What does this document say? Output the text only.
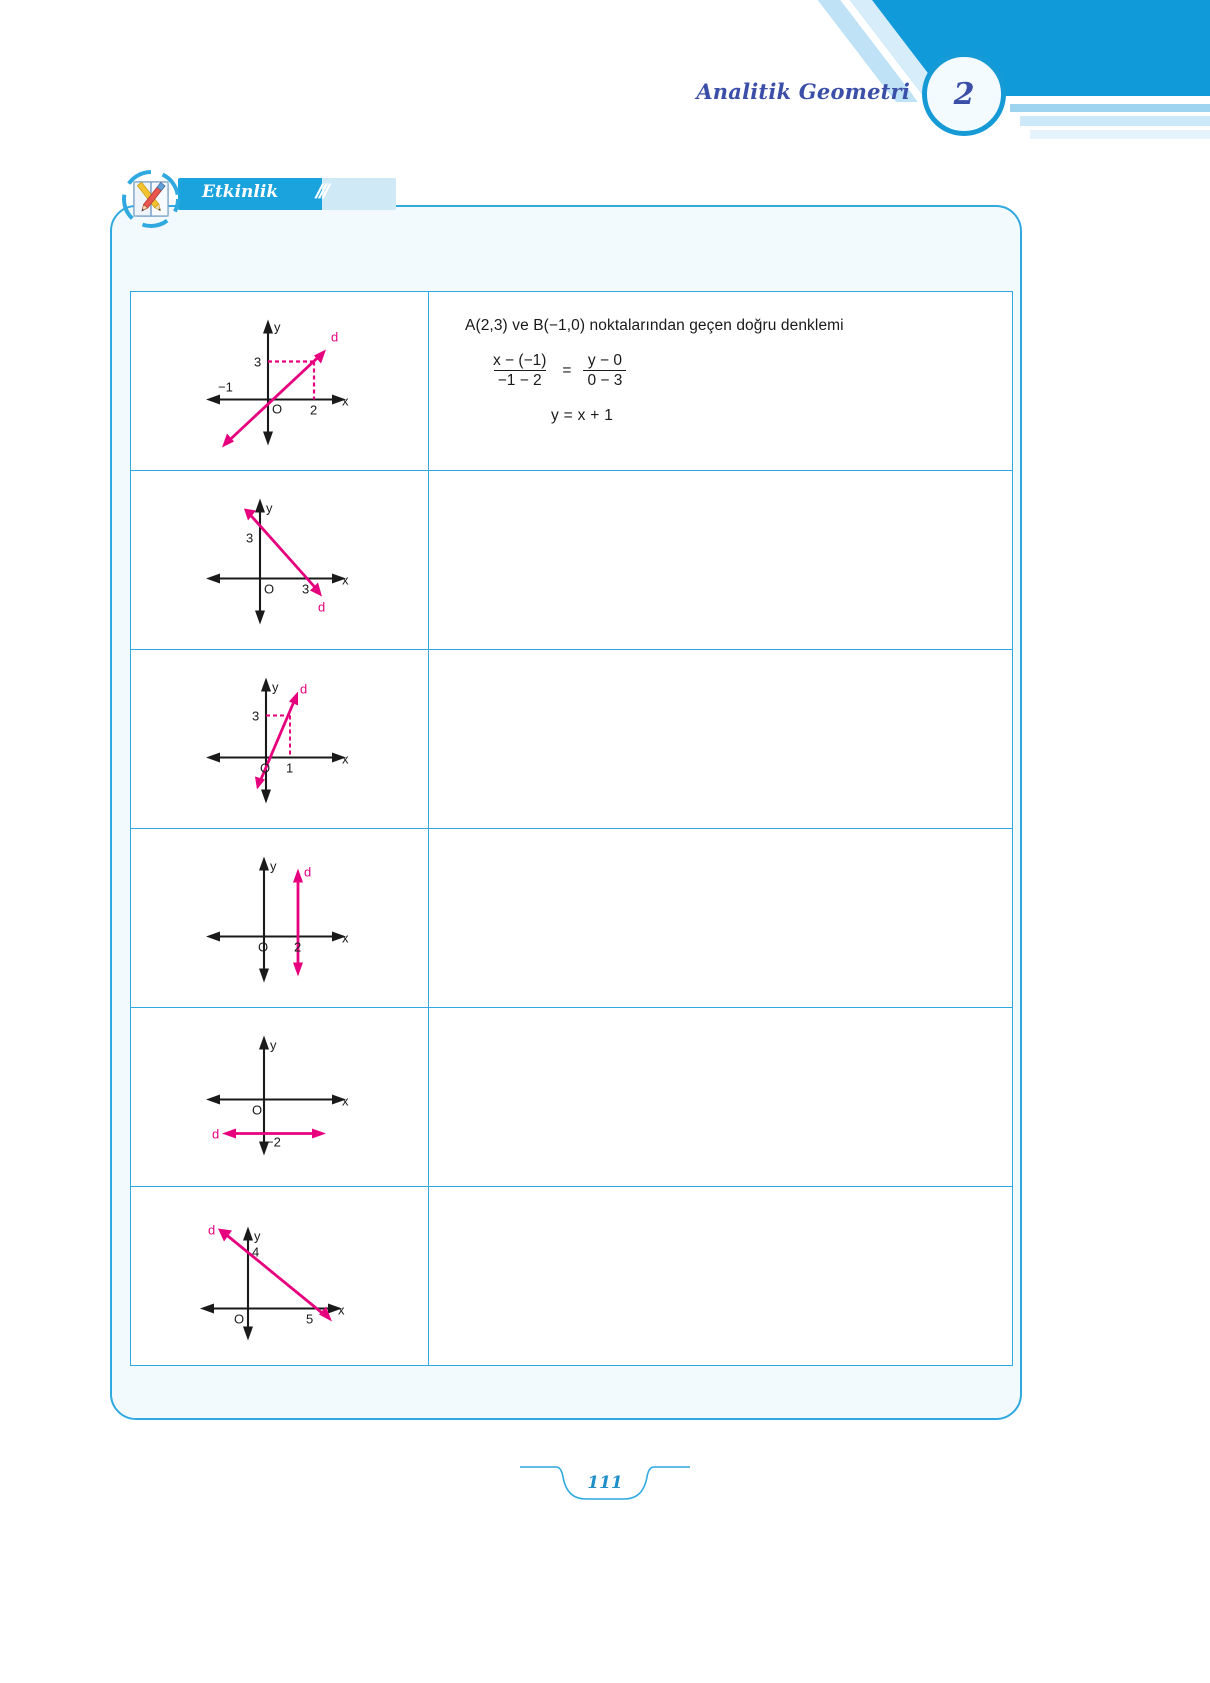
Analitik Geometri 2
Etkinlik ///
y
x
O
3
2
−1
d

A(2,3) ve B(−1,0) noktalarından geçen doğru denklemi
$\frac{x - (-1)}{-1 - 2} = \frac{y - 0}{0 - 3}$
y = x + 1

y
x
O
3
3
d

y
x
O
3
1
d

y
x
O 2
d	

y
x
O
−2
d	

y
x
O
4
5
d

111
